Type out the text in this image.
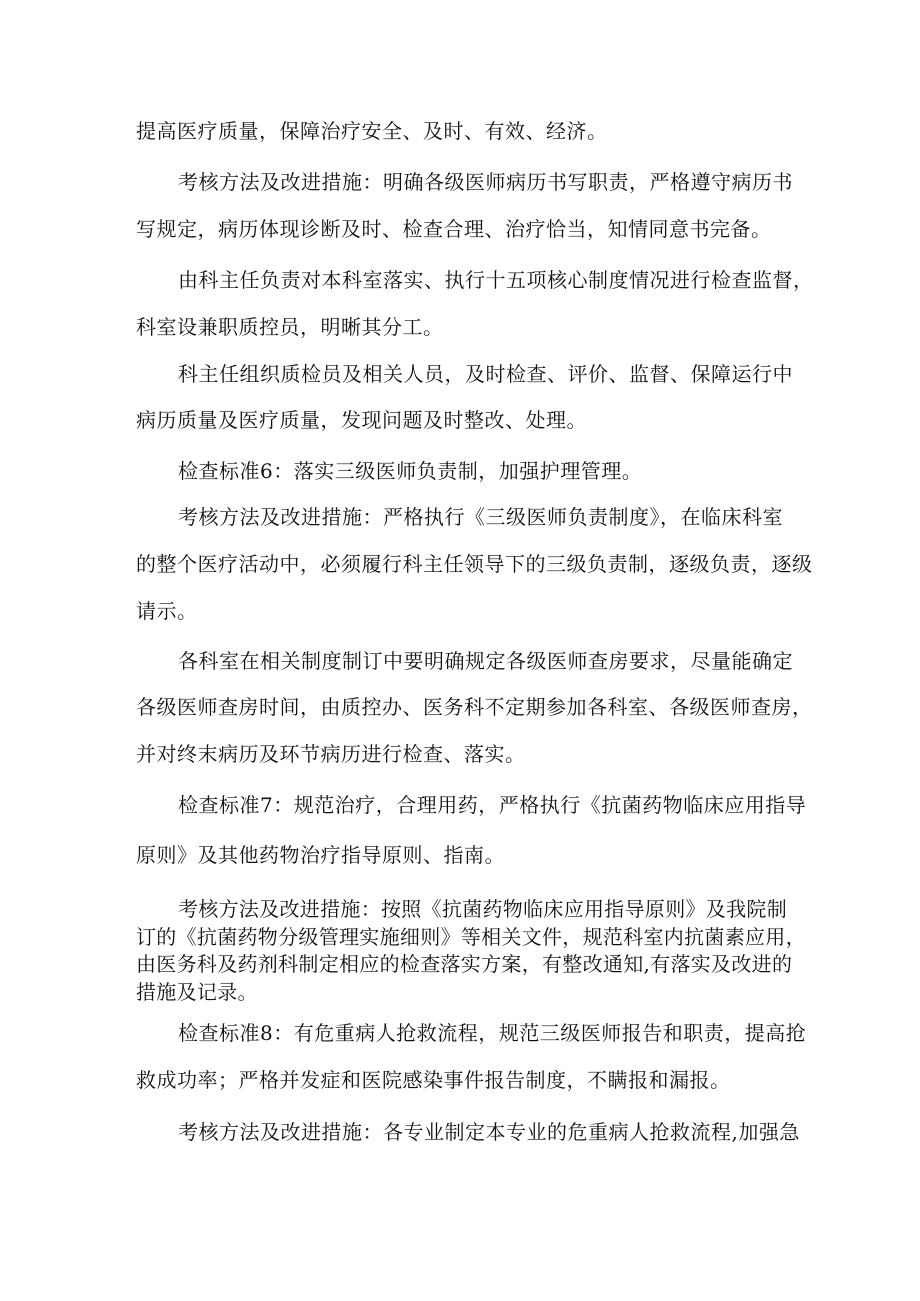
提高医疗质量，保障治疗安全、及时、有效、经济。
考核方法及改进措施：明确各级医师病历书写职责，严格遵守病历书
写规定，病历体现诊断及时、检查合理、治疗恰当，知情同意书完备。
由科主任负责对本科室落实、执行十五项核心制度情况进行检查监督，
科室设兼职质控员，明晰其分工。
科主任组织质检员及相关人员，及时检查、评价、监督、保障运行中
病历质量及医疗质量，发现问题及时整改、处理。
检查标准6：落实三级医师负责制，加强护理管理。
考核方法及改进措施：严格执行《三级医师负责制度》，在临床科室
的整个医疗活动中，必须履行科主任领导下的三级负责制，逐级负责，逐级
请示。
各科室在相关制度制订中要明确规定各级医师查房要求，尽量能确定
各级医师查房时间，由质控办、医务科不定期参加各科室、各级医师查房，
并对终末病历及环节病历进行检查、落实。
检查标准7：规范治疗，合理用药，严格执行《抗菌药物临床应用指导
原则》及其他药物治疗指导原则、指南。
考核方法及改进措施：按照《抗菌药物临床应用指导原则》及我院制
订的《抗菌药物分级管理实施细则》等相关文件，规范科室内抗菌素应用，
由医务科及药剂科制定相应的检查落实方案，有整改通知,有落实及改进的
措施及记录。
检查标准8：有危重病人抢救流程，规范三级医师报告和职责，提高抢
救成功率；严格并发症和医院感染事件报告制度，不瞒报和漏报。
考核方法及改进措施：各专业制定本专业的危重病人抢救流程,加强急
